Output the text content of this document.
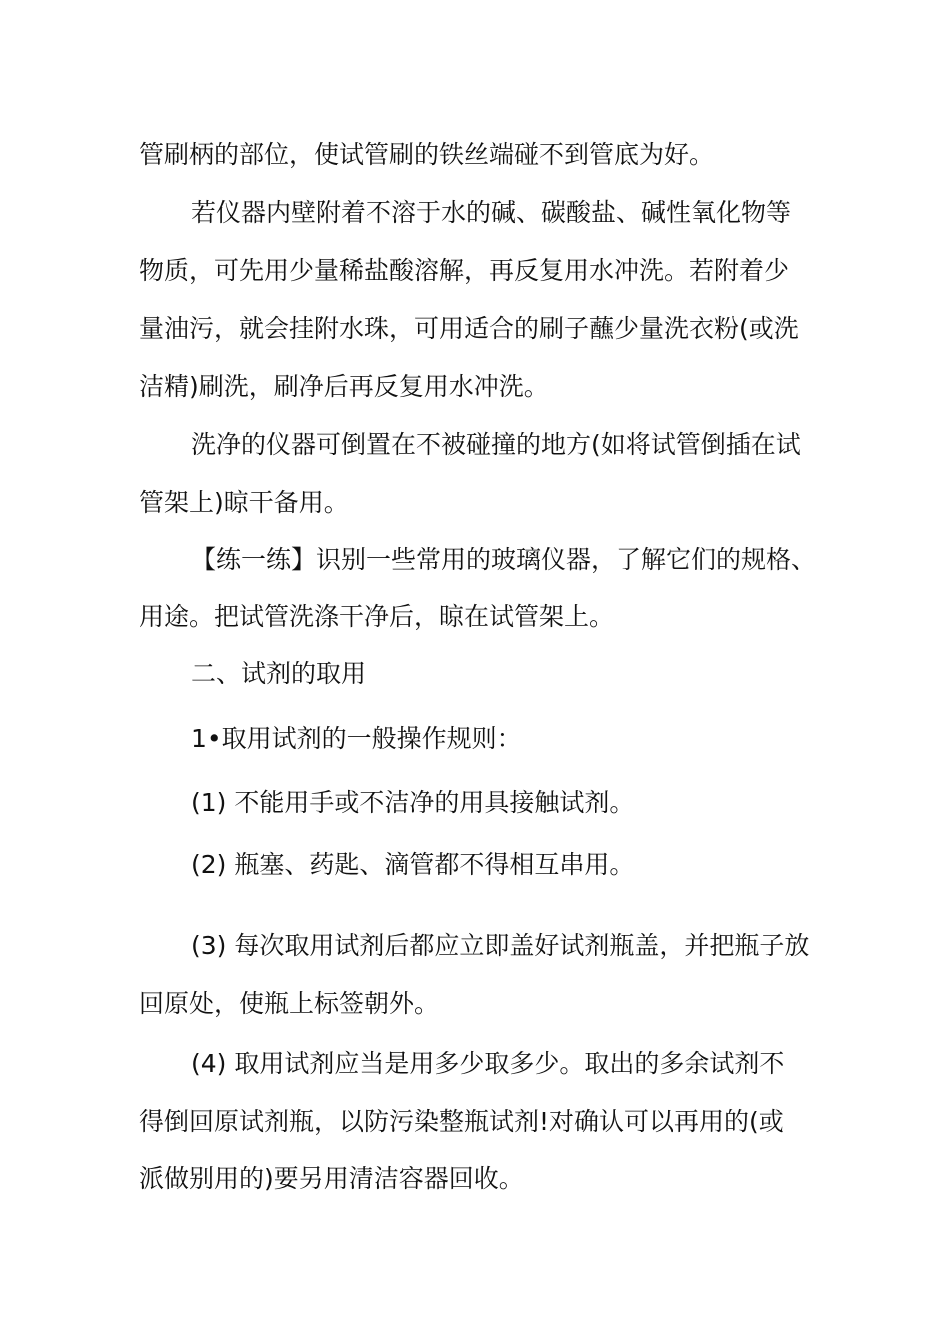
管刷柄的部位，使试管刷的铁丝端碰不到管底为好。
若仪器内壁附着不溶于水的碱、碳酸盐、碱性氧化物等
物质，可先用少量稀盐酸溶解，再反复用水冲洗。若附着少
量油污，就会挂附水珠，可用适合的刷子蘸少量洗衣粉(或洗
洁精)刷洗，刷净后再反复用水冲洗。
洗净的仪器可倒置在不被碰撞的地方(如将试管倒插在试
管架上)晾干备用。
【练一练】识别一些常用的玻璃仪器，了解它们的规格、
用途。把试管洗涤干净后，晾在试管架上。
二、试剂的取用
1•取用试剂的一般操作规则：
(1) 不能用手或不洁净的用具接触试剂。
(2) 瓶塞、药匙、滴管都不得相互串用。
(3) 每次取用试剂后都应立即盖好试剂瓶盖，并把瓶子放
回原处，使瓶上标签朝外。
(4) 取用试剂应当是用多少取多少。取出的多余试剂不
得倒回原试剂瓶，以防污染整瓶试剂!对确认可以再用的(或
派做别用的)要另用清洁容器回收。
